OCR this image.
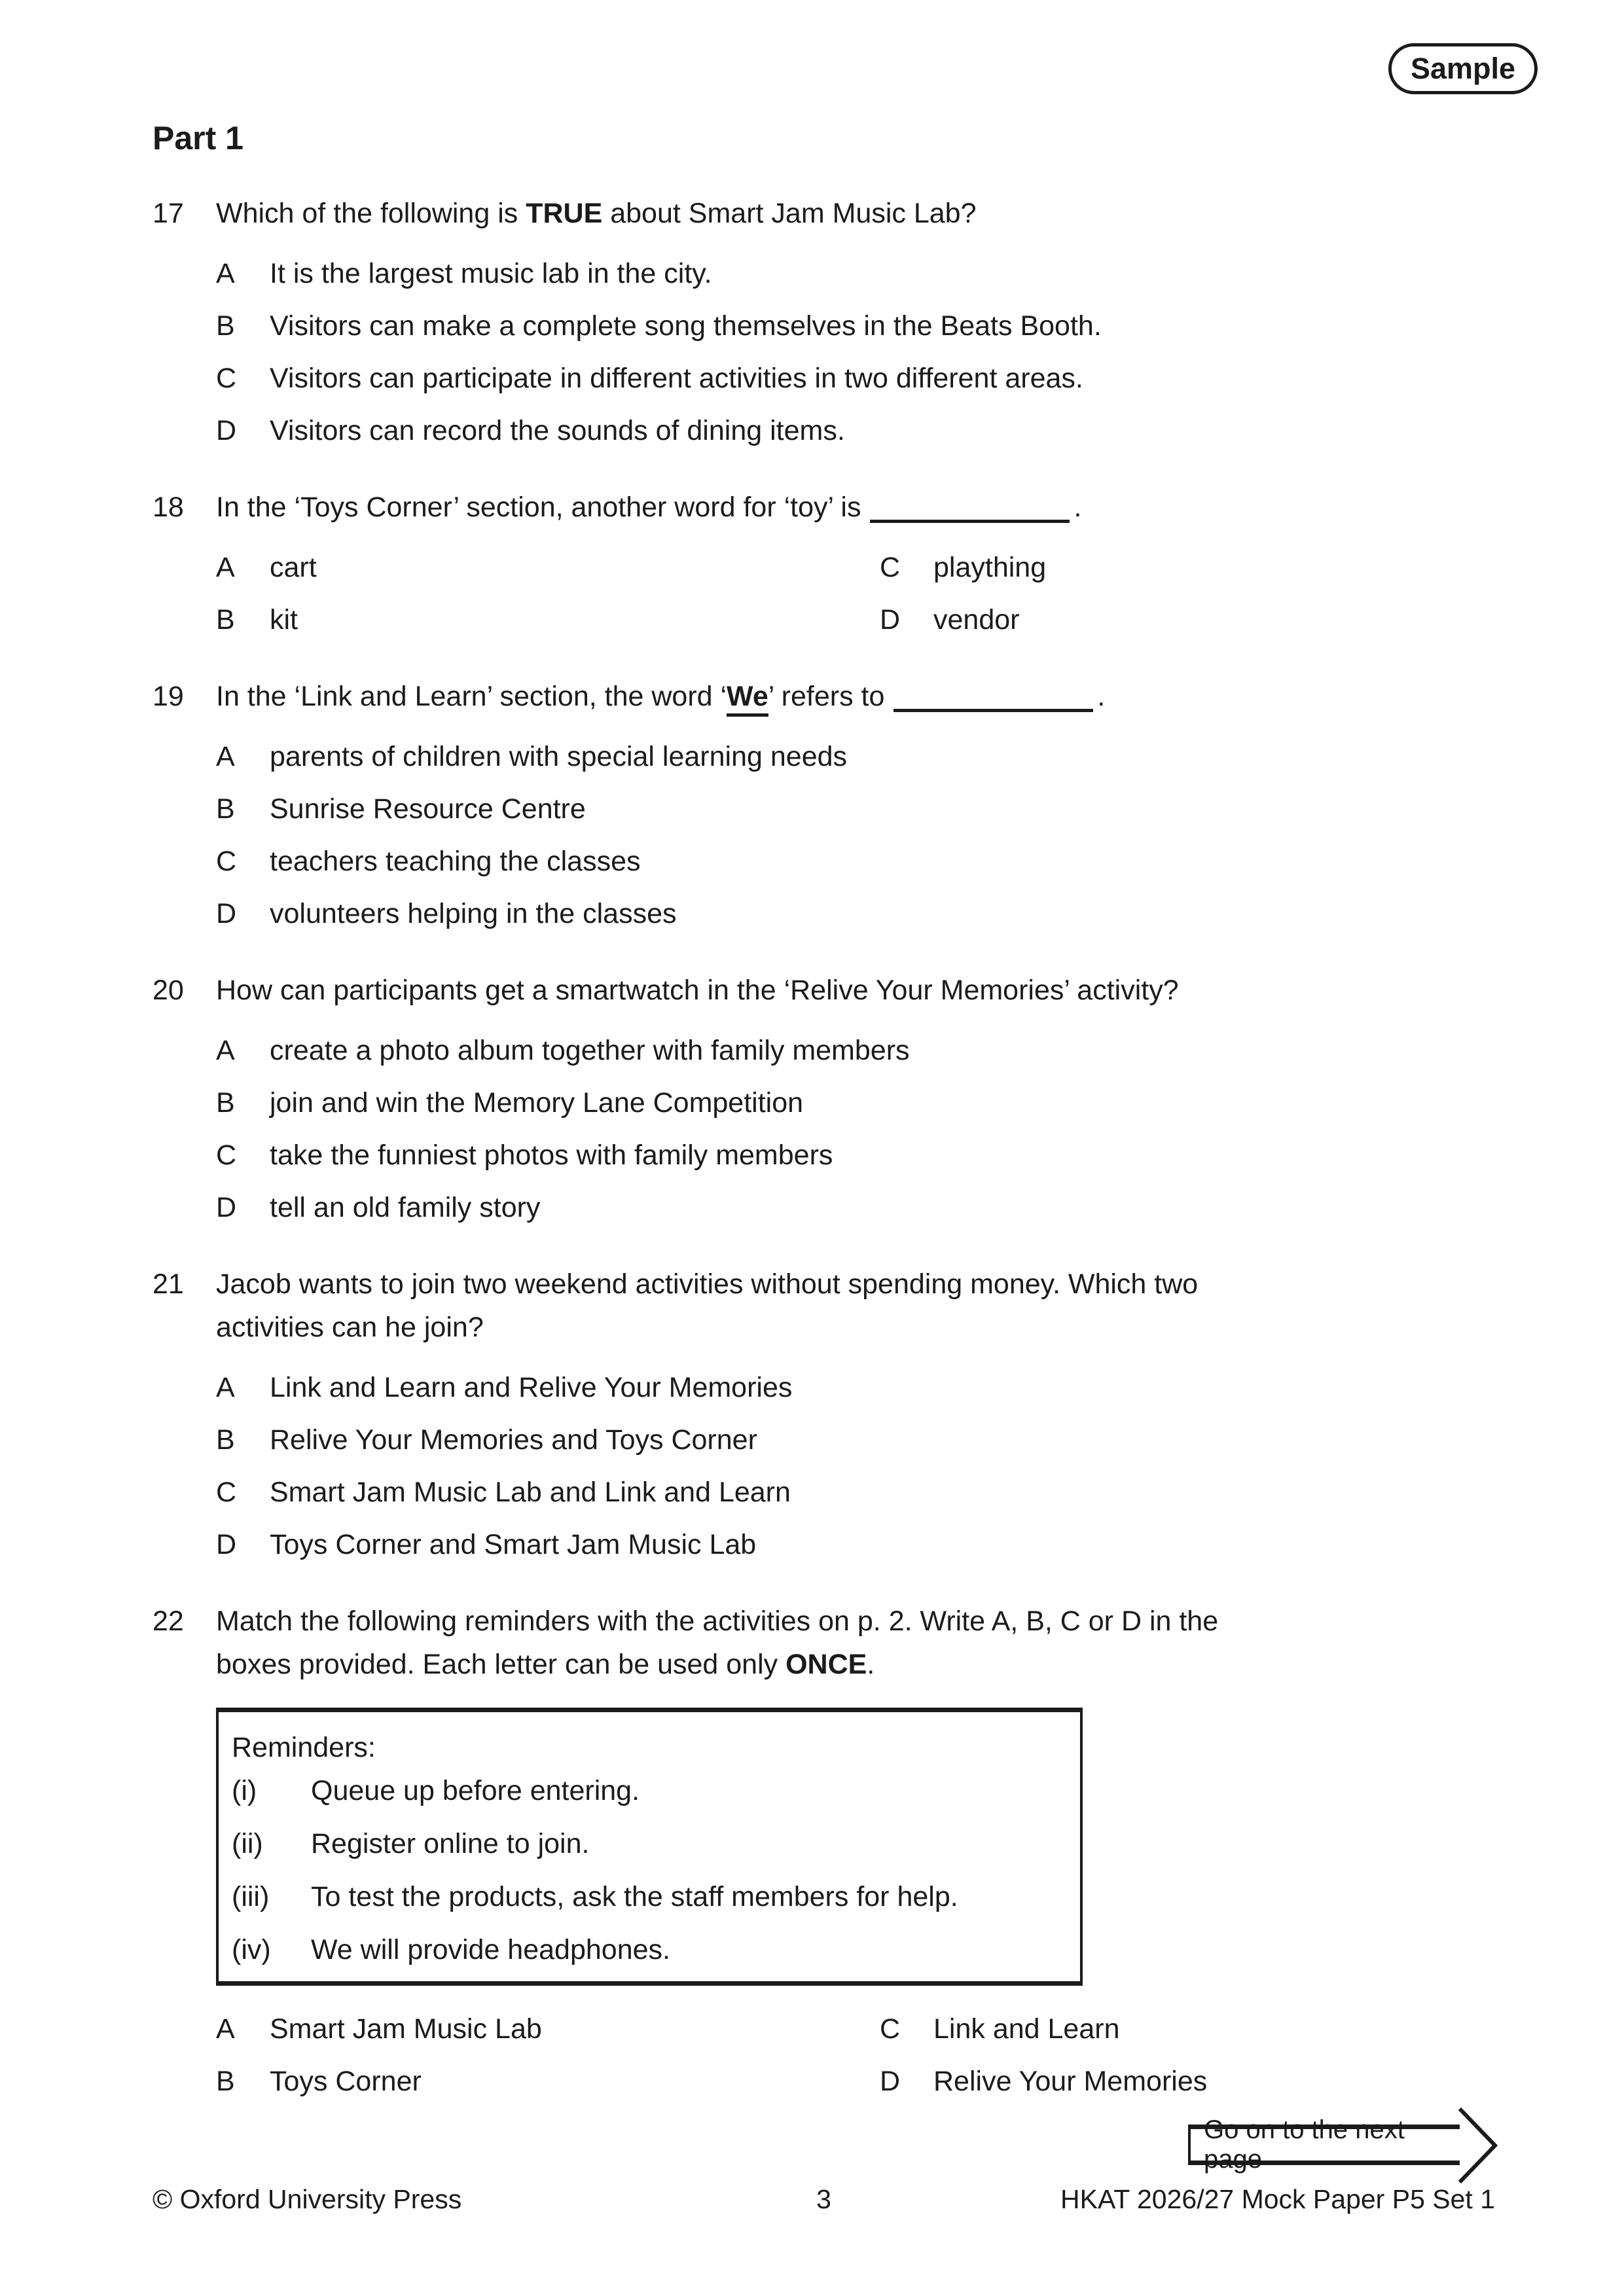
Sample
Part 1
17	Which of the following is TRUE about Smart Jam Music Lab?
A	It is the largest music lab in the city.
B	Visitors can make a complete song themselves in the Beats Booth.
C	Visitors can participate in different activities in two different areas.
D	Visitors can record the sounds of dining items.
18	In the ‘Toys Corner’ section, another word for ‘toy’ is	.
A	cart	C	plaything
B	kit	D	vendor
19	In the ‘Link and Learn’ section, the word ‘We’ refers to	.
A	parents of children with special learning needs
B	Sunrise Resource Centre
C	teachers teaching the classes
D	volunteers helping in the classes
20	How can participants get a smartwatch in the ‘Relive Your Memories’ activity?
A	create a photo album together with family members
B	join and win the Memory Lane Competition
C	take the funniest photos with family members
D	tell an old family story
21	Jacob wants to join two weekend activities without spending money. Which two
activities can he join?
A	Link and Learn and Relive Your Memories
B	Relive Your Memories and Toys Corner
C	Smart Jam Music Lab and Link and Learn
D	Toys Corner and Smart Jam Music Lab
22	Match the following reminders with the activities on p. 2. Write A, B, C or D in the
boxes provided. Each letter can be used only ONCE.
Reminders:
(i)	Queue up before entering.
(ii)	Register online to join.
(iii)	To test the products, ask the staff members for help.
(iv)	We will provide headphones.
A	Smart Jam Music Lab	C	Link and Learn
B	Toys Corner	D	Relive Your Memories
Go on to the next page
© Oxford University Press	3	HKAT 2026/27 Mock Paper P5 Set 1
